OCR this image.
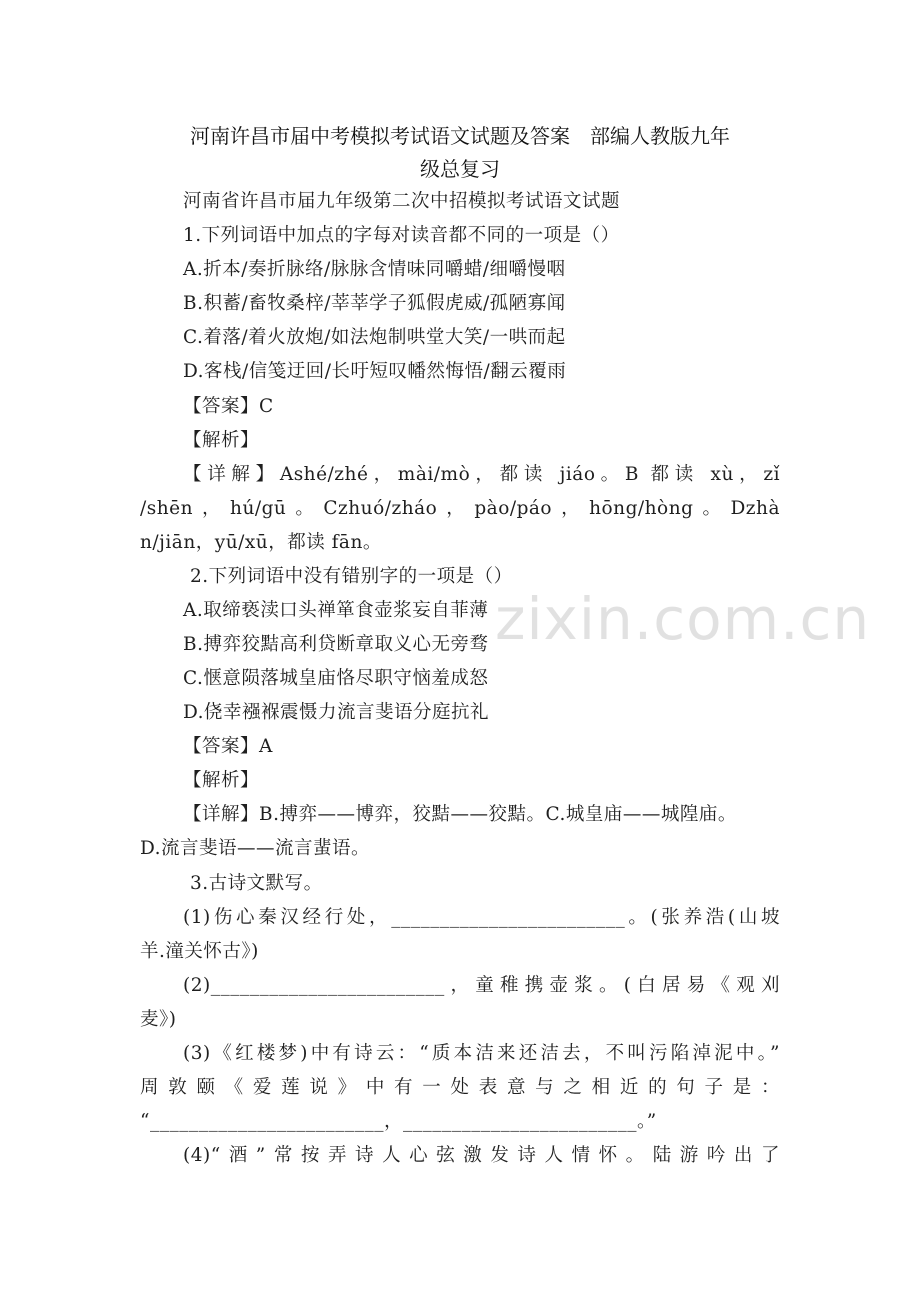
河南许昌市届中考模拟考试语文试题及答案　部编人教版九年
级总复习
河南省许昌市届九年级第二次中招模拟考试语文试题
1.下列词语中加点的字每对读音都不同的一项是（）
A.折本/奏折脉络/脉脉含情味同嚼蜡/细嚼慢咽
B.积蓄/畜牧桑梓/莘莘学子狐假虎威/孤陋寡闻
C.着落/着火放炮/如法炮制哄堂大笑/一哄而起
D.客栈/信笺迂回/长吁短叹幡然悔悟/翻云覆雨
【答案】C
【解析】
【详解】Ashé/zhé，mài/mò，都读 jiáo。B 都读 xù，zǐ
/shēn，hú/gū。Czhuó/zháo，pào/páo，hōng/hòng。Dzhà
n/jiān，yū/xū，都读 fān。
2.下列词语中没有错别字的一项是（）
A.取缔亵渎口头禅箪食壶浆妄自菲薄
B.搏弈狡黠高利贷断章取义心无旁骛
C.惬意陨落城皇庙恪尽职守恼羞成怒
D.侥幸襁褓震慑力流言斐语分庭抗礼
【答案】A
【解析】
【详解】B.搏弈——博弈，狡黠——狡黠。C.城皇庙——城隍庙。
D.流言斐语——流言蜚语。
3.古诗文默写。
(1)伤心秦汉经行处，________________________。(张养浩(山坡
羊.潼关怀古》)
(2)________________________，童稚携壶浆。(白居易《观刈
麦》)
(3)《红楼梦)中有诗云：“质本洁来还洁去，不叫污陷淖泥中。”
周敦颐《爱莲说》中有一处表意与之相近的句子是：
“________________________，________________________。”
(4)“酒”常按弄诗人心弦激发诗人情怀。陆游吟出了
zixin.com.cn
